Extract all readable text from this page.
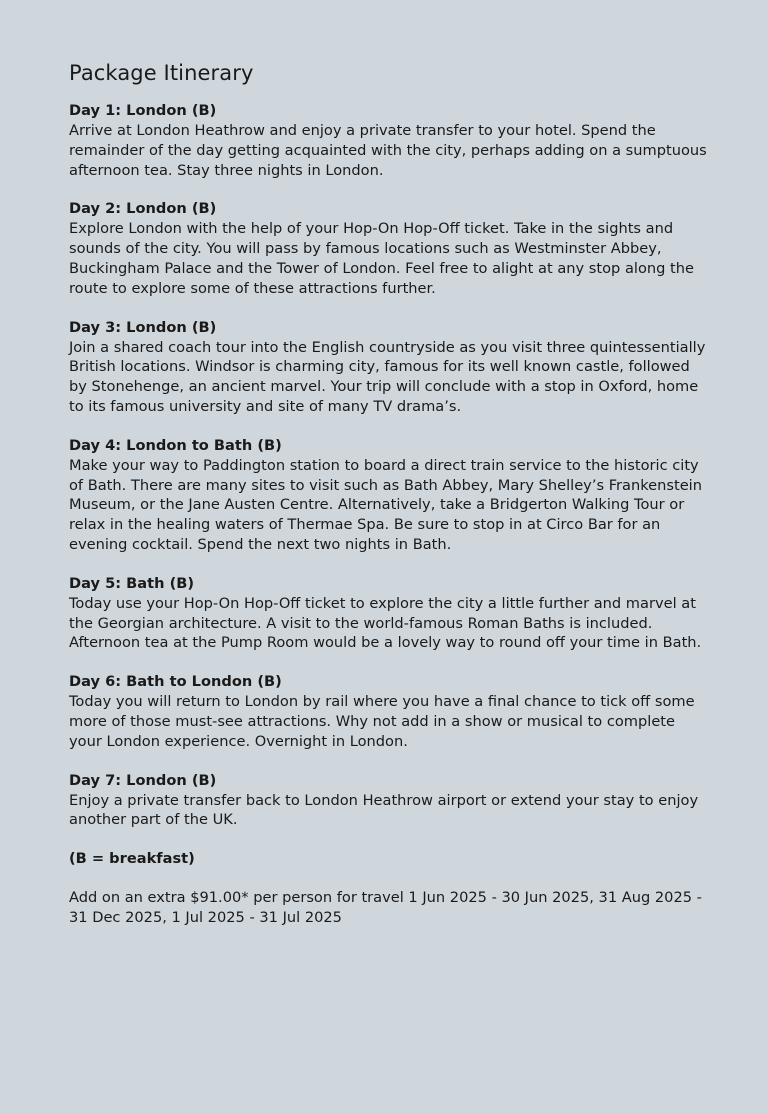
Package Itinerary

Day 1: London (B)

Arrive at London Heathrow and enjoy a private transfer to your hotel. Spend the remainder of the day getting acquainted with the city, perhaps adding on a sumptuous afternoon tea. Stay three nights in London.

Day 2: London (B)

Explore London with the help of your Hop-On Hop-Off ticket. Take in the sights and sounds of the city. You will pass by famous locations such as Westminster Abbey, Buckingham Palace and the Tower of London. Feel free to alight at any stop along the route to explore some of these attractions further.

Day 3: London (B)

Join a shared coach tour into the English countryside as you visit three quintessentially British locations. Windsor is charming city, famous for its well known castle, followed by Stonehenge, an ancient marvel. Your trip will conclude with a stop in Oxford, home to its famous university and site of many TV drama’s.

Day 4: London to Bath (B)

Make your way to Paddington station to board a direct train service to the historic city of Bath. There are many sites to visit such as Bath Abbey, Mary Shelley’s Frankenstein Museum, or the Jane Austen Centre. Alternatively, take a Bridgerton Walking Tour or relax in the healing waters of Thermae Spa. Be sure to stop in at Circo Bar for an evening cocktail. Spend the next two nights in Bath.

Day 5: Bath (B)

Today use your Hop-On Hop-Off ticket to explore the city a little further and marvel at the Georgian architecture. A visit to the world-famous Roman Baths is included. Afternoon tea at the Pump Room would be a lovely way to round off your time in Bath.

Day 6: Bath to London (B)

Today you will return to London by rail where you have a final chance to tick off some more of those must-see attractions. Why not add in a show or musical to complete your London experience. Overnight in London.

Day 7: London (B)

Enjoy a private transfer back to London Heathrow airport or extend your stay to enjoy another part of the UK.

(B = breakfast)

Add on an extra $91.00* per person for travel 1 Jun 2025 - 30 Jun 2025, 31 Aug 2025 - 31 Dec 2025, 1 Jul 2025 - 31 Jul 2025
